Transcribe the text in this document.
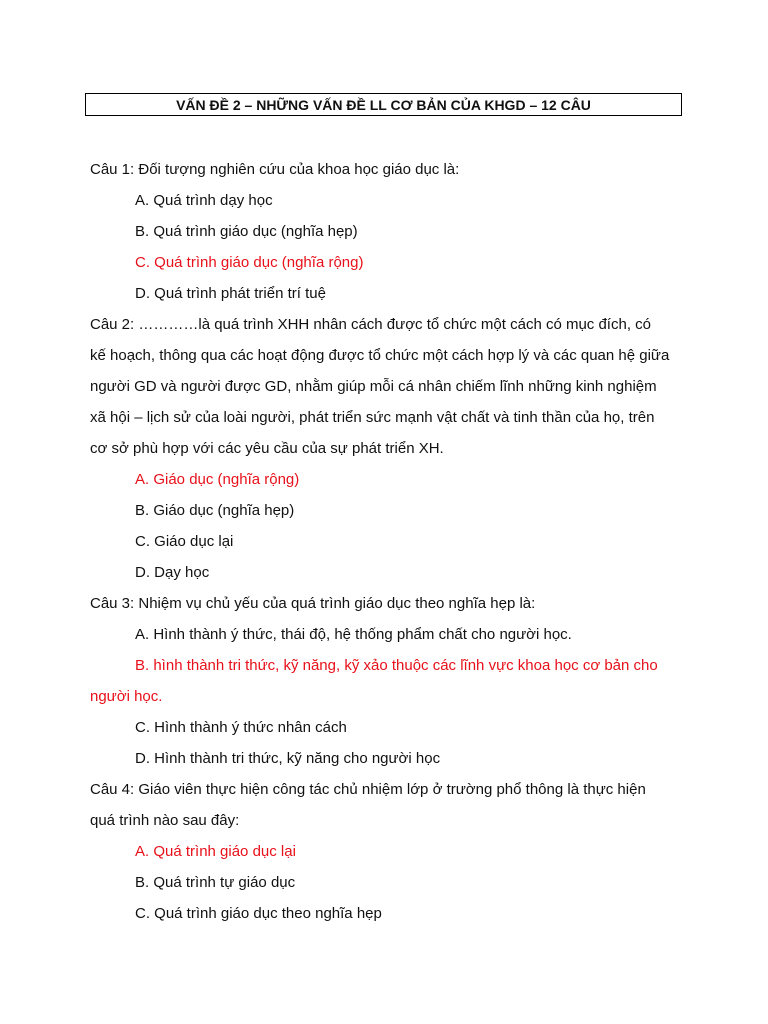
VẤN ĐỀ 2 – NHỮNG VẤN ĐỀ LL CƠ BẢN CỦA KHGD – 12 CÂU

Câu 1: Đối tượng nghiên cứu của khoa học giáo dục là:

A. Quá trình dạy học

B. Quá trình giáo dục (nghĩa hẹp)

C. Quá trình giáo dục (nghĩa rộng)

D. Quá trình phát triển trí tuệ

Câu 2: …………là quá trình XHH nhân cách được tổ chức một cách có mục đích, có kế hoạch, thông qua các hoạt động được tổ chức một cách hợp lý và các quan hệ giữa người GD và người được GD, nhằm giúp mỗi cá nhân chiếm lĩnh những kinh nghiệm xã hội – lịch sử của loài người, phát triển sức mạnh vật chất và tinh thần của họ, trên cơ sở phù hợp với các yêu cầu của sự phát triển XH.

A. Giáo dục (nghĩa rộng)

B. Giáo dục (nghĩa hẹp)

C. Giáo dục lại

D. Dạy học

Câu 3: Nhiệm vụ chủ yếu của quá trình giáo dục theo nghĩa hẹp là:

A. Hình thành ý thức, thái độ, hệ thống phẩm chất cho người học.

B. hình thành tri thức, kỹ năng, kỹ xảo thuộc các lĩnh vực khoa học cơ bản cho người học.

C. Hình thành ý thức nhân cách

D. Hình thành tri thức, kỹ năng cho người học

Câu 4: Giáo viên thực hiện công tác chủ nhiệm lớp ở trường phổ thông là thực hiện quá trình nào sau đây:

A. Quá trình giáo dục lại

B. Quá trình tự giáo dục

C. Quá trình giáo dục theo nghĩa hẹp
